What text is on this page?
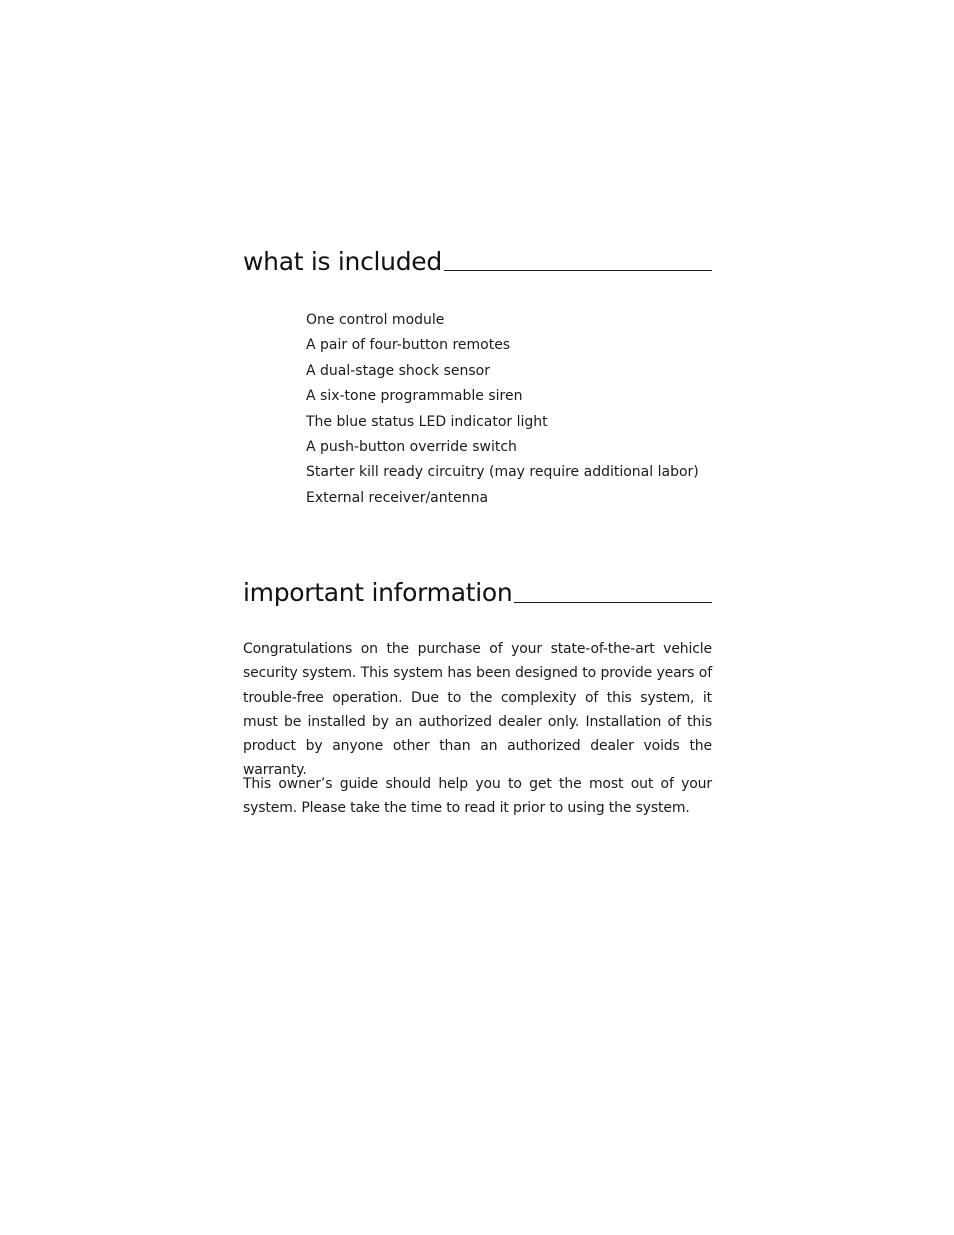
what is included
One control module
A pair of four-button remotes
A dual-stage shock sensor
A six-tone programmable siren
The blue status LED indicator light
A push-button override switch
Starter kill ready circuitry (may require additional labor)
External receiver/antenna
important information

Congratulations on the purchase of your state-of-the-art vehicle security system. This system has been designed to provide years of trouble-free operation. Due to the complexity of this system, it must be installed by an authorized dealer only. Installation of this product by anyone other than an authorized dealer voids the warranty.

This owner’s guide should help you to get the most out of your system. Please take the time to read it prior to using the system.
